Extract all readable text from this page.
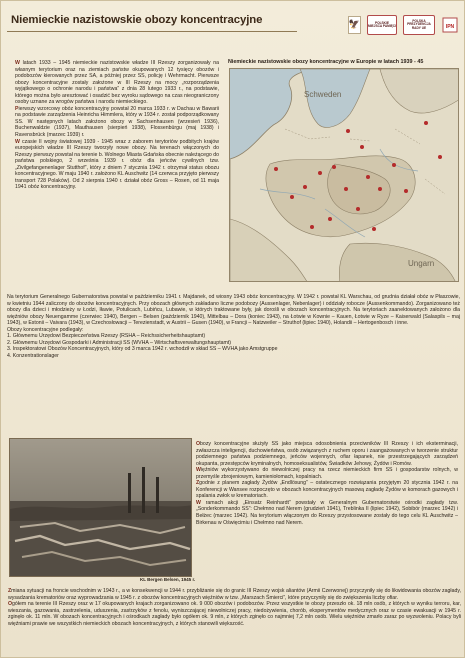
Niemieckie nazistowskie obozy koncentracyjne	🦅	POLSKIE MIEJSCA PAMIĘCI
POLSKA PREZYDENCJA RADY UE	IPN

W latach 1933 – 1945 niemieckie nazistowskie władze III Rzeszy zorganizowały na własnym terytorium oraz na ziemiach państw okupowanych 12 tysięcy obozów i podobozów kierowanych przez SA, a później przez SS, policję i Wehrmacht. Pierwsze obozy koncentracyjne zostały założone w III Rzeszy na mocy „rozporządzenia wyjątkowego o ochronie narodu i państwa” z dnia 28 lutego 1933 r., na podstawie, którego można było aresztować i osadzić bez wyroku sądowego na czas nieograniczony osoby uznane za wrogów państwa i narodu niemieckiego.

Pierwszy wzorcowy obóz koncentracyjny powstał 20 marca 1933 r. w Dachau w Bawarii na podstawie zarządzenia Heinricha Himmlera, który w 1934 r. został podporządkowany SS. W następnych latach założono obozy w Sachsenhausen (wrzesień 1936), Buchenwaldzie (1937), Mauthausen (sierpień 1938), Flossenbürgu (maj 1938) i Ravensbrück (marzec 1939) r.

W czasie II wojny światowej 1939 - 1945 wraz z zaborem terytoriów podbitych krajów europejskich władze III Rzeszy tworzyły nowe obozy. Na terenach włączonych do Rzeszy pierwszy powstał na terenie b. Wolnego Miasta Gdańska obecnie należącego do państwa polskiego, 2 września 1939 r. obóz dla jeńców cywilnych tzw. „Zivilgefangenenlager Stutthof”, który z dniem 7 stycznia 1942 r. otrzymał status obozu koncentracyjnego. W maju 1940 r. założono KL Auschwitz (14 czerwca przyjęto pierwszy transport 728 Polaków). Od 2 sierpnia 1940 r. działał obóz Gross – Rosen, od 11 maja 1941 obóz koncentracyjny.

Niemieckie nazistowskie obozy koncentracyjne w Europie w latach 1939 - 45
Schweden
Ungarn

Na terytorium Generalnego Gubernatorstwa powstał w październiku 1941 r. Majdanek, od wiosny 1943 obóz koncentracyjny. W 1942 r. powstał KL Warschau, od grudnia działał obóz w Płaszowie, w kwietniu 1944 zaliczony do obozów koncentracyjnych. Przy obozach głównych zakładano liczne podobozy (Aussenlager, Nebenlager) i oddziały robocze (Aussenkommando). Zorganizowano też obozy dla dzieci i młodzieży w Łodzi, Iławie, Potulicach, Lubińcu, Lubawie, w których traktowane były, jak dorośli w obozach koncentracyjnych. Na terytoriach zaanektowanych założono dla więźniów obozy Neuengamme (czerwiec 1940), Bergen – Belsen (październik 1940), Mittelbau – Dora (koniec 1943), na Łotwie w Kownie – Kauen, Łotwie w Ryze – Kaiserwald (Salaspils – maj 1943), w Estonii – Vaivara (1943), w Czechosłowacji – Terezienstadt, w Austrii – Gusen (1940), w Francji – Natzweiler – Struthof (lipiec 1940), Holandii – Hertogenbosch i inne.

Obozy koncentracyjne podlegały:

1. Głównemu Urzędowi Bezpieczeństwa Rzeszy (RSHA – Reichssicherheitshauptamt)

2. Głównemu Urzędowi Gospodarki i Administracji SS (WVHA – Wirtschaftsverwaltungshauptamt)

3. Inspektoratowi Obozów Koncentracyjnych, który od 3 marca 1942 r. wchodził w skład SS – WVHA jako Amstgruppe

4. Konzentrationslager

KL Bergen Belsen, 1945 r.

Obozy koncentracyjne służyły SS jako miejsca odosobnienia przeciwników III Rzeszy i ich eksterminacji, zwłaszcza inteligencji, duchowieństwa, osób związanych z ruchem oporu i zaangażowanych w tworzenie struktur podziemnego państwa podziemnego, jeńców wojennych, ofiar łapanek, nie przestrzegających zarządzeń okupanta, przestępców kryminalnych, homoseksualistów, Świadków Jehowy, Żydów i Romów.

Więźniów wykorzystywano do niewolniczej pracy na rzecz niemieckich firm SS i gospodarstw rolnych, w przemyśle zbrojeniowym, kamieniołomach, kopalniach.

Zgodnie z planem zagłady Żydów „Endlösung” – ostatecznego rozwiązania przyjętym 20 stycznia 1942 r. na Konferencji w Wansee rozpoczęto w obozach koncentracyjnych masową zagładę Żydów w komorach gazowych i spalania zwłok w krematoriach.

W ramach akcji „Einsatz Reinhardt” powstały w Generalnym Gubernatorstwie ośrodki zagłady tzw. „Sonderkommando SS”: Chełmno nad Nerem (grudzień 1941), Treblinka II (lipiec 1942), Sobibór (marzec 1942) i Bełżec (marzec 1942). Na terytorium włączonym do Rzeszy przystosowane zostały do tego celu KL Auschwitz – Birkenau w Oświęcimiu i Chełmno nad Nerem.

Zmiana sytuacji na froncie wschodnim w 1943 r., a w konsekwencji w 1944 r. przybliżanie się do granic III Rzeszy wojsk aliantów (Armii Czerwonej) przyczyniły się do likwidowania obozów zagłady, wysadzania krematoriów oraz wyprowadzania w 1945 r. z obozów koncentracyjnych więźniów w tzw. „Marszach Śmierci”, które przyczyniły się do zwiększenia liczby ofiar.

Ogółem na terenie III Rzeszy oraz w 17 okupowanych krajach zorganizowano ok. 9 000 obozów i podobozów. Przez wszystkie te obozy przeszło ok. 18 mln osób, z których w wyniku terroru, kar, wieszania, gazowania, zastrzelenia, uduszenia, zastrzyków z fenolu, wyniszczającej niewolniczej pracy, niedożywienia, chorób, eksperymentów medycznych oraz w czasie ewakuacji w 1945 r. zginęło ok. 11 mln. W obozach koncentracyjnych i ośrodkach zagłady było ogółem ok. 9 mln, z których zginęło co najmniej 7,2 mln osób. Wielu więźniów zmarło zaraz po wyzwoleniu. Polacy byli więźniami prawie we wszystkich niemieckich obozach koncentracyjnych, z których stanowili większość.
